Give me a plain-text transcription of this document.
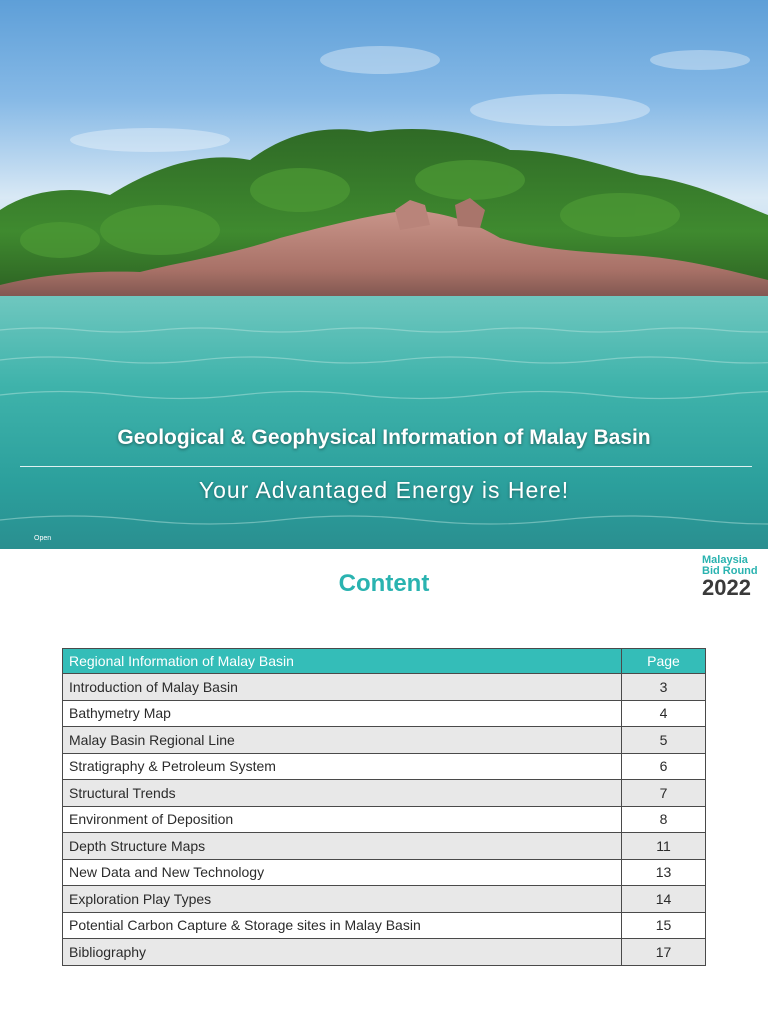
Geological & Geophysical Information of Malay Basin
Your Advantaged Energy is Here!
Open
Malaysia
Bid Round
2022
Content
Regional Information of Malay Basin	Page
Introduction of Malay Basin	3
Bathymetry Map	4
Malay Basin Regional Line	5
Stratigraphy & Petroleum System	6
Structural Trends	7
Environment of Deposition	8
Depth Structure Maps	11
New Data and New Technology	13
Exploration Play Types	14
Potential Carbon Capture & Storage sites in Malay Basin	15
Bibliography	17
